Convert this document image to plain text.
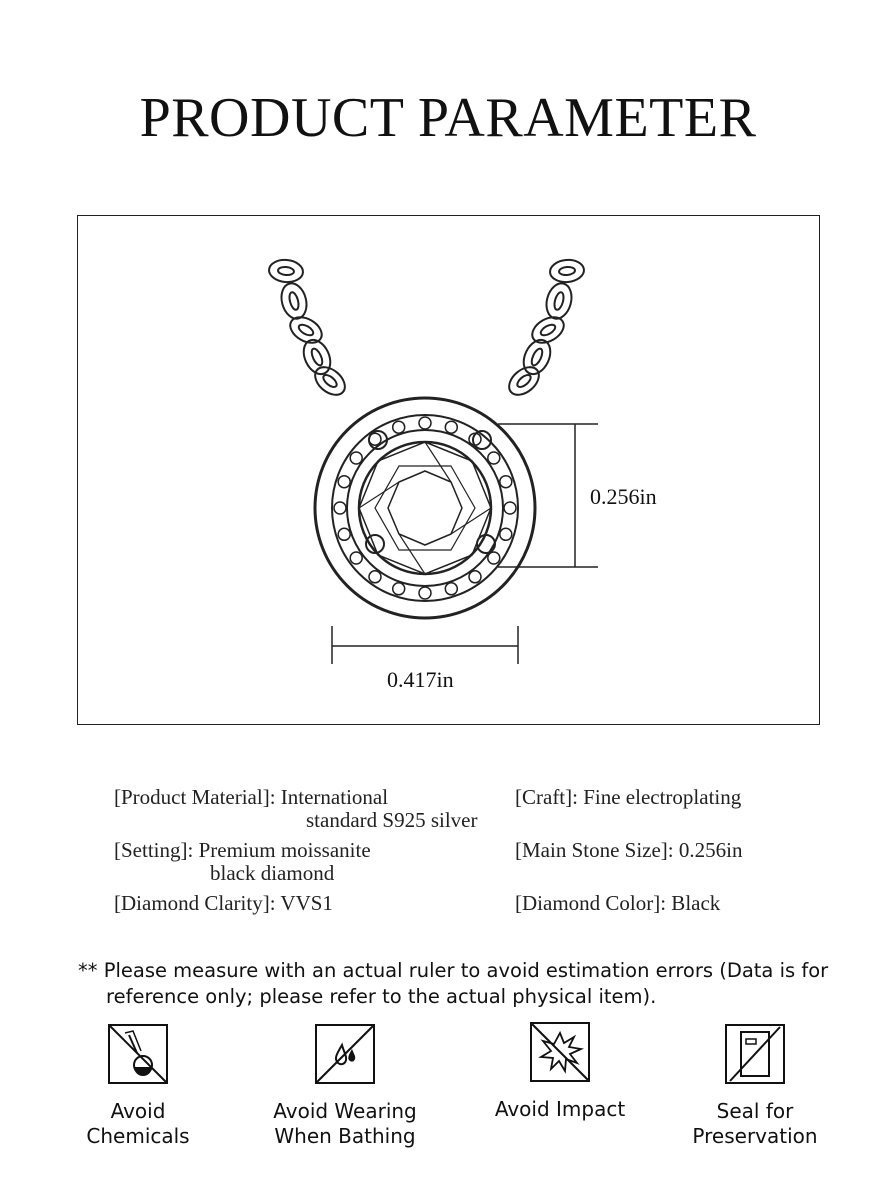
PRODUCT PARAMETER
0.256in
0.417in
[Product Material]: International
standard S925 silver
[Craft]: Fine electroplating
[Setting]: Premium moissanite
black diamond
[Main Stone Size]: 0.256in
[Diamond Clarity]: VVS1	[Diamond Color]: Black
** Please measure with an actual ruler to avoid estimation errors (Data is for
reference only; please refer to the actual physical item).
Avoid
Chemicals
Avoid Wearing
When Bathing
Avoid Impact	Seal for
Preservation
